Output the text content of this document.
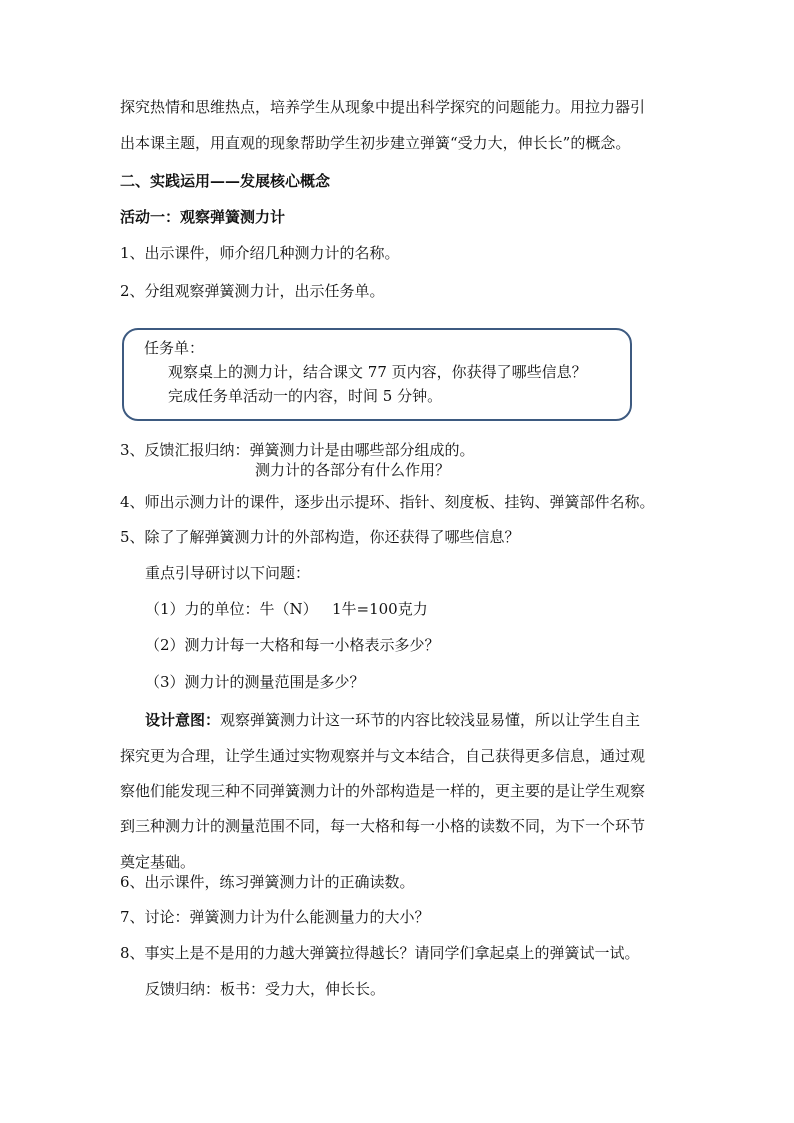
探究热情和思维热点，培养学生从现象中提出科学探究的问题能力。用拉力器引
出本课主题，用直观的现象帮助学生初步建立弹簧“受力大，伸长长”的概念。
二、实践运用——发展核心概念
活动一：观察弹簧测力计
1、出示课件，师介绍几种测力计的名称。
2、分组观察弹簧测力计，出示任务单。
任务单：
观察桌上的测力计，结合课文 77 页内容，你获得了哪些信息？
完成任务单活动一的内容，时间 5 分钟。
3、反馈汇报归纳：弹簧测力计是由哪些部分组成的。
测力计的各部分有什么作用？
4、师出示测力计的课件，逐步出示提环、指针、刻度板、挂钩、弹簧部件名称。
5、除了了解弹簧测力计的外部构造，你还获得了哪些信息？
重点引导研讨以下问题：
（1）力的单位：牛（N）   1牛=100克力
（2）测力计每一大格和每一小格表示多少？
（3）测力计的测量范围是多少？
设计意图：观察弹簧测力计这一环节的内容比较浅显易懂，所以让学生自主
探究更为合理，让学生通过实物观察并与文本结合，自己获得更多信息，通过观
察他们能发现三种不同弹簧测力计的外部构造是一样的，更主要的是让学生观察
到三种测力计的测量范围不同，每一大格和每一小格的读数不同，为下一个环节
奠定基础。
6、出示课件，练习弹簧测力计的正确读数。
7、讨论：弹簧测力计为什么能测量力的大小？
8、事实上是不是用的力越大弹簧拉得越长？请同学们拿起桌上的弹簧试一试。
反馈归纳：板书：受力大，伸长长。
